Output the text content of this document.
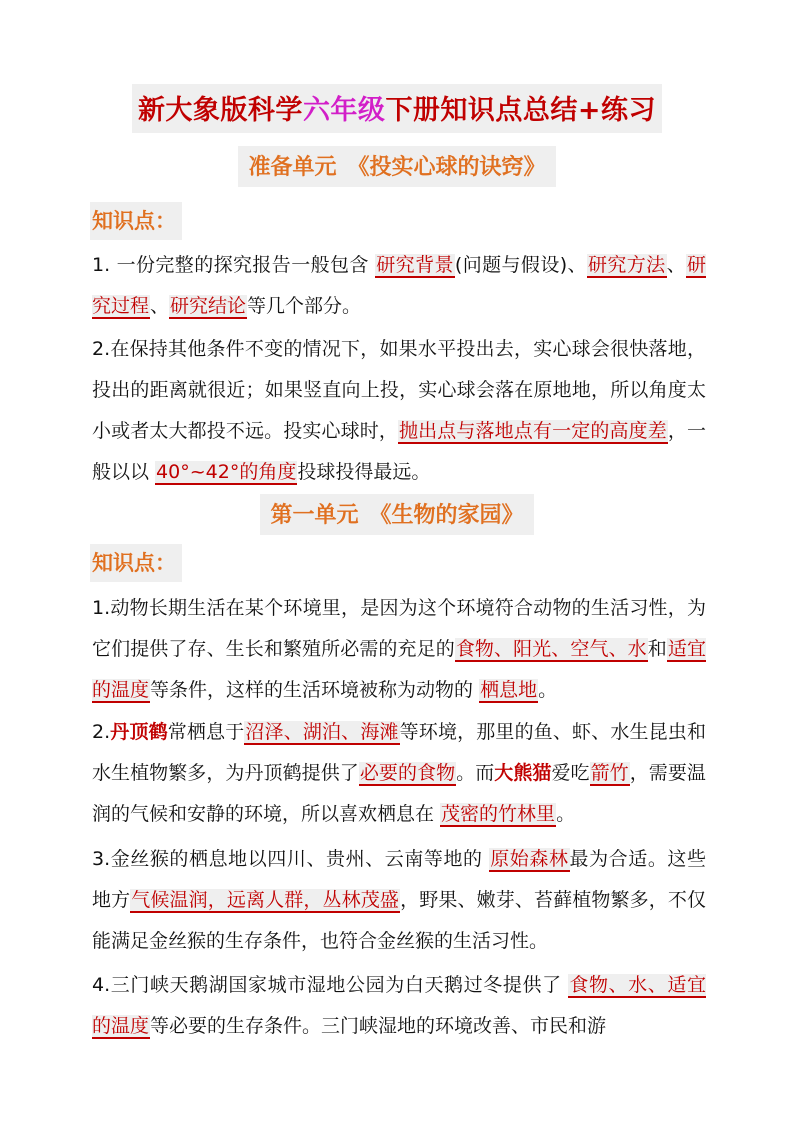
新大象版科学六年级下册知识点总结+练习
准备单元　《投实心球的诀窍》
知识点：
1. 一份完整的探究报告一般包含 研究背景(问题与假设)、研究方法、研究过程、研究结论等几个部分。
2.在保持其他条件不变的情况下，如果水平投出去，实心球会很快落地，投出的距离就很近；如果竖直向上投，实心球会落在原地地，所以角度太小或者太大都投不远。投实心球时，抛出点与落地点有一定的高度差，一般以以 40°~42°的角度投球投得最远。
第一单元　《生物的家园》
知识点：
1.动物长期生活在某个环境里，是因为这个环境符合动物的生活习性，为它们提供了存、生长和繁殖所必需的充足的食物、阳光、空气、水和适宜的温度等条件，这样的生活环境被称为动物的 栖息地。
2.丹顶鹤常栖息于沼泽、湖泊、海滩等环境，那里的鱼、虾、水生昆虫和水生植物繁多，为丹顶鹤提供了必要的食物。而大熊猫爱吃箭竹，需要温润的气候和安静的环境，所以喜欢栖息在 茂密的竹林里。
3.金丝猴的栖息地以四川、贵州、云南等地的 原始森林最为合适。这些地方气候温润，远离人群，丛林茂盛，野果、嫩芽、苔藓植物繁多，不仅能满足金丝猴的生存条件，也符合金丝猴的生活习性。
4.三门峡天鹅湖国家城市湿地公园为白天鹅过冬提供了 食物、水、适宜的温度等必要的生存条件。三门峡湿地的环境改善、市民和游
